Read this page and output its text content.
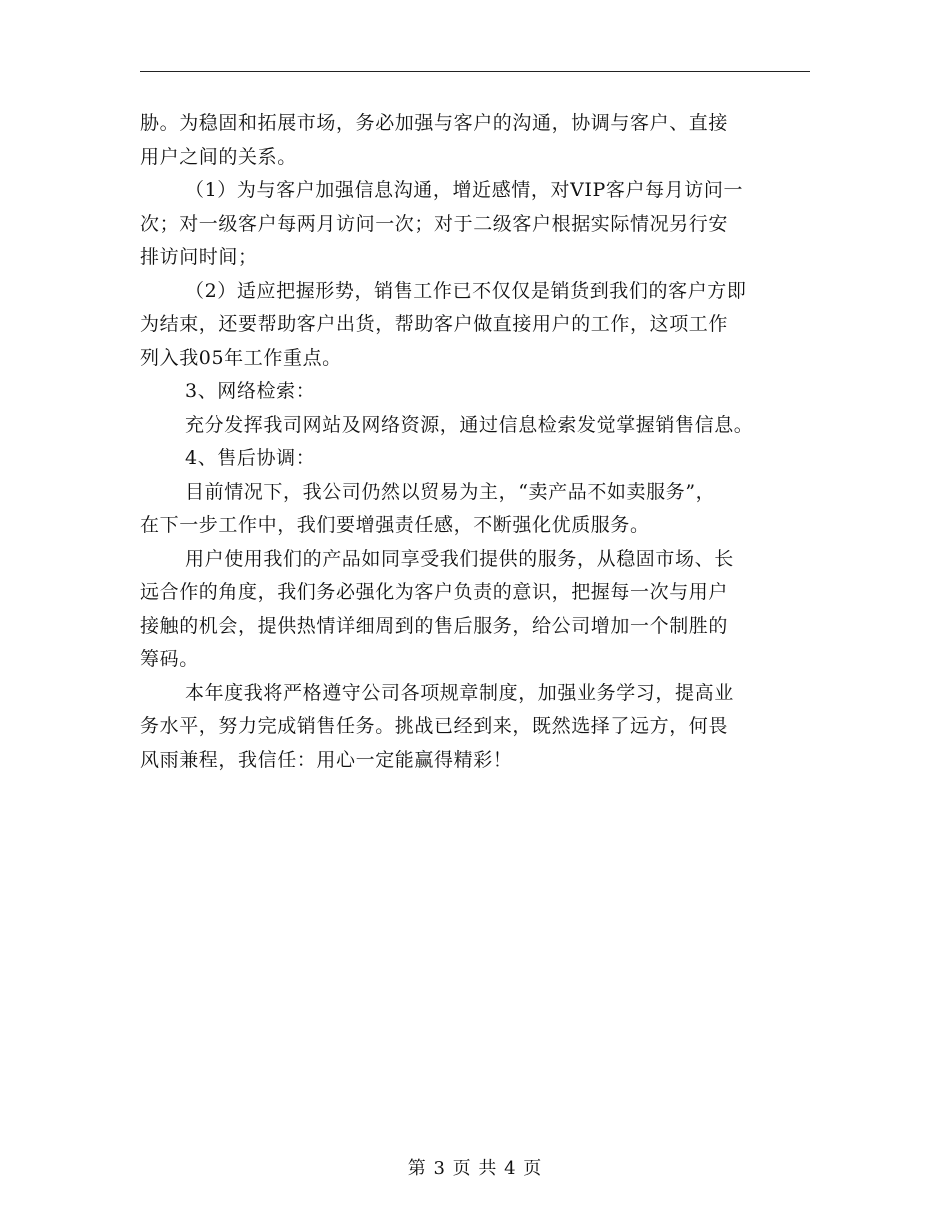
胁。为稳固和拓展市场，务必加强与客户的沟通，协调与客户、直接
用户之间的关系。
（1）为与客户加强信息沟通，增近感情，对VIP客户每月访问一
次；对一级客户每两月访问一次；对于二级客户根据实际情况另行安
排访问时间；
（2）适应把握形势，销售工作已不仅仅是销货到我们的客户方即
为结束，还要帮助客户出货，帮助客户做直接用户的工作，这项工作
列入我05年工作重点。
3、网络检索：
充分发挥我司网站及网络资源，通过信息检索发觉掌握销售信息。
4、售后协调：
目前情况下，我公司仍然以贸易为主，“卖产品不如卖服务”，
在下一步工作中，我们要增强责任感，不断强化优质服务。
用户使用我们的产品如同享受我们提供的服务，从稳固市场、长
远合作的角度，我们务必强化为客户负责的意识，把握每一次与用户
接触的机会，提供热情详细周到的售后服务，给公司增加一个制胜的
筹码。
本年度我将严格遵守公司各项规章制度，加强业务学习，提高业
务水平，努力完成销售任务。挑战已经到来，既然选择了远方，何畏
风雨兼程，我信任：用心一定能赢得精彩！
第 3 页 共 4 页
